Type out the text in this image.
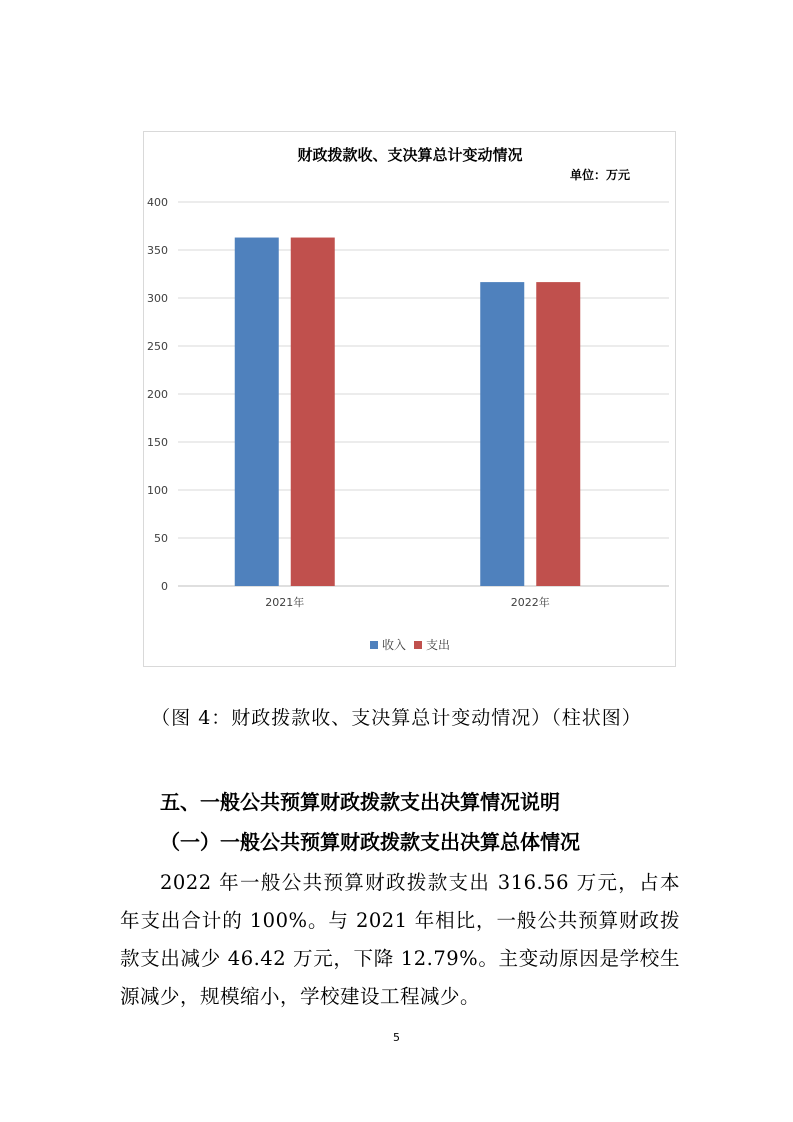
财政拨款收、支决算总计变动情况
单位：万元
0
50
100
150
200
250
300
350
400
2021年	2022年
收入 支出
（图 4：财政拨款收、支决算总计变动情况）（柱状图）
五、一般公共预算财政拨款支出决算情况说明
（一）一般公共预算财政拨款支出决算总体情况
2022 年一般公共预算财政拨款支出 316.56 万元，占本年支出合计的 100%。与 2021 年相比，一般公共预算财政拨款支出减少 46.42 万元，下降 12.79%。主变动原因是学校生源减少，规模缩小，学校建设工程减少。
5
